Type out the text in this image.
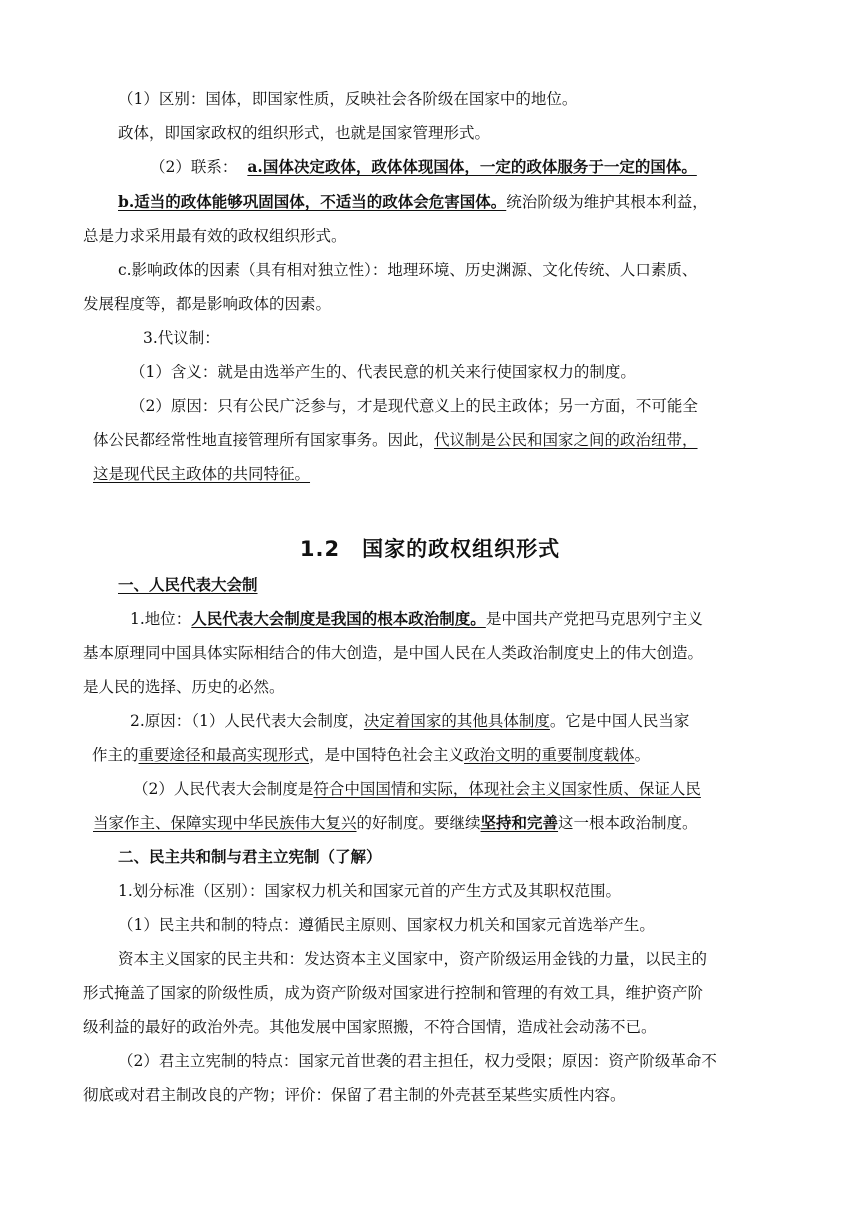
（1）区别：国体，即国家性质，反映社会各阶级在国家中的地位。
政体，即国家政权的组织形式，也就是国家管理形式。
（2）联系： a.国体决定政体，政体体现国体，一定的政体服务于一定的国体。
b.适当的政体能够巩固国体，不适当的政体会危害国体。统治阶级为维护其根本利益，
总是力求采用最有效的政权组织形式。
c.影响政体的因素（具有相对独立性）：地理环境、历史渊源、文化传统、人口素质、
发展程度等，都是影响政体的因素。
3.代议制：
（1）含义：就是由选举产生的、代表民意的机关来行使国家权力的制度。
（2）原因：只有公民广泛参与，才是现代意义上的民主政体；另一方面，不可能全
体公民都经常性地直接管理所有国家事务。因此，代议制是公民和国家之间的政治纽带，
这是现代民主政体的共同特征。
1.2　国家的政权组织形式
一、人民代表大会制
1.地位：人民代表大会制度是我国的根本政治制度。是中国共产党把马克思列宁主义
基本原理同中国具体实际相结合的伟大创造，是中国人民在人类政治制度史上的伟大创造。
是人民的选择、历史的必然。
2.原因：（1）人民代表大会制度，决定着国家的其他具体制度。它是中国人民当家
作主的重要途径和最高实现形式，是中国特色社会主义政治文明的重要制度载体。
（2）人民代表大会制度是符合中国国情和实际，体现社会主义国家性质、保证人民
当家作主、保障实现中华民族伟大复兴的好制度。要继续坚持和完善这一根本政治制度。
二、民主共和制与君主立宪制（了解）
1.划分标准（区别）：国家权力机关和国家元首的产生方式及其职权范围。
（1）民主共和制的特点：遵循民主原则、国家权力机关和国家元首选举产生。
资本主义国家的民主共和：发达资本主义国家中，资产阶级运用金钱的力量，以民主的
形式掩盖了国家的阶级性质，成为资产阶级对国家进行控制和管理的有效工具，维护资产阶
级利益的最好的政治外壳。其他发展中国家照搬，不符合国情，造成社会动荡不已。
（2）君主立宪制的特点：国家元首世袭的君主担任，权力受限；原因：资产阶级革命不
彻底或对君主制改良的产物；评价：保留了君主制的外壳甚至某些实质性内容。
